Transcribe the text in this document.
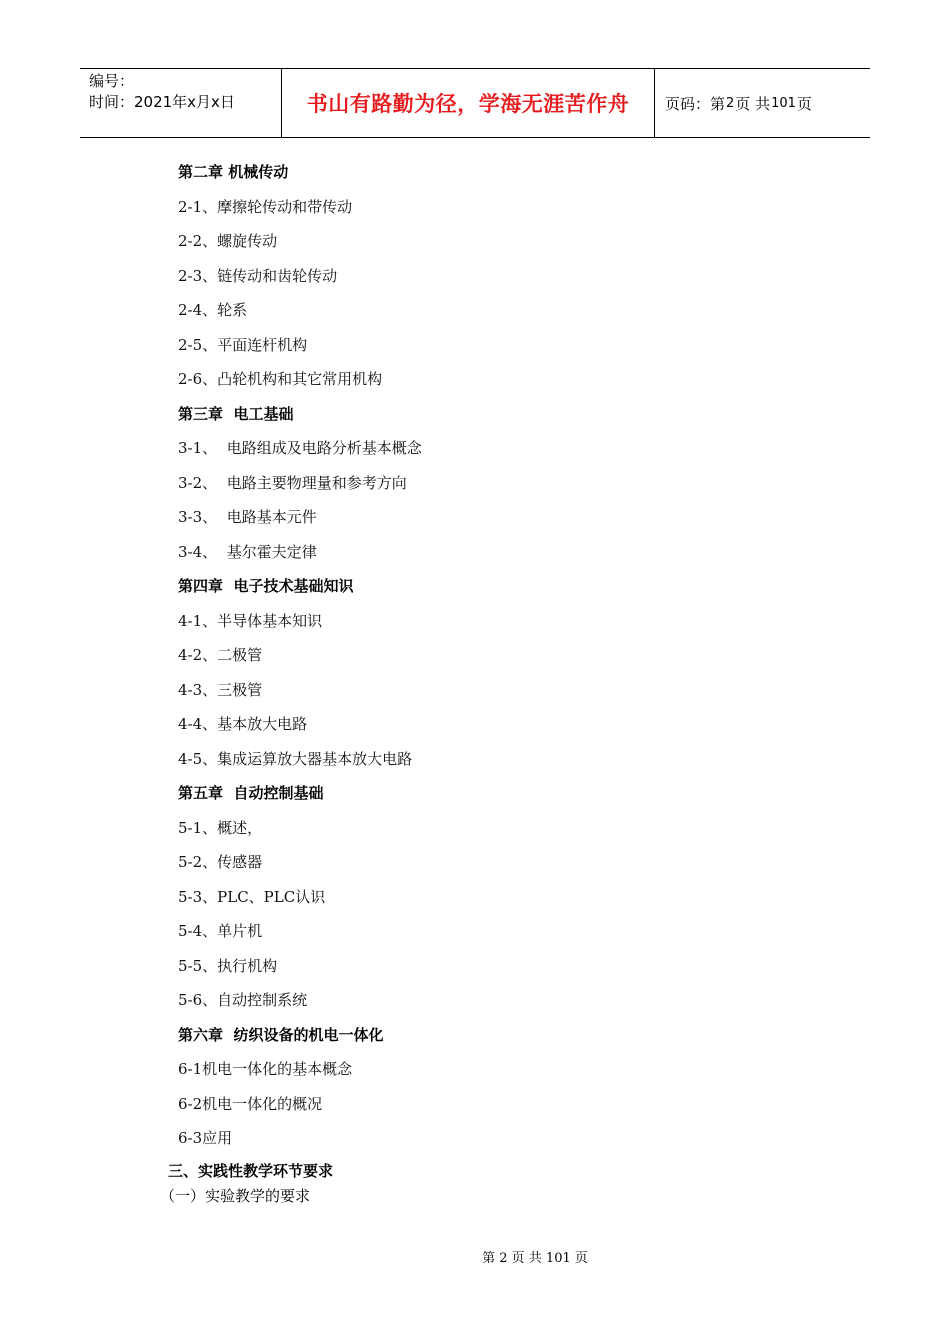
编号：
时间：2021年x月x日	书山有路勤为径，学海无涯苦作舟	页码：第 2 页 共 101 页
第二章 机械传动
2-1、摩擦轮传动和带传动
2-2、螺旋传动
2-3、链传动和齿轮传动
2-4、轮系
2-5、平面连杆机构
2-6、凸轮机构和其它常用机构
第三章  电工基础
3-1、  电路组成及电路分析基本概念
3-2、  电路主要物理量和参考方向
3-3、  电路基本元件
3-4、  基尔霍夫定律
第四章  电子技术基础知识
4-1、半导体基本知识
4-2、二极管
4-3、三极管
4-4、基本放大电路
4-5、集成运算放大器基本放大电路
第五章  自动控制基础
5-1、概述，
5-2、传感器
5-3、PLC、PLC认识
5-4、单片机
5-5、执行机构
5-6、自动控制系统
第六章  纺织设备的机电一体化
6-1机电一体化的基本概念
6-2机电一体化的概况
6-3应用
三、实践性教学环节要求
（一）实验教学的要求
第 2 页 共 101 页
